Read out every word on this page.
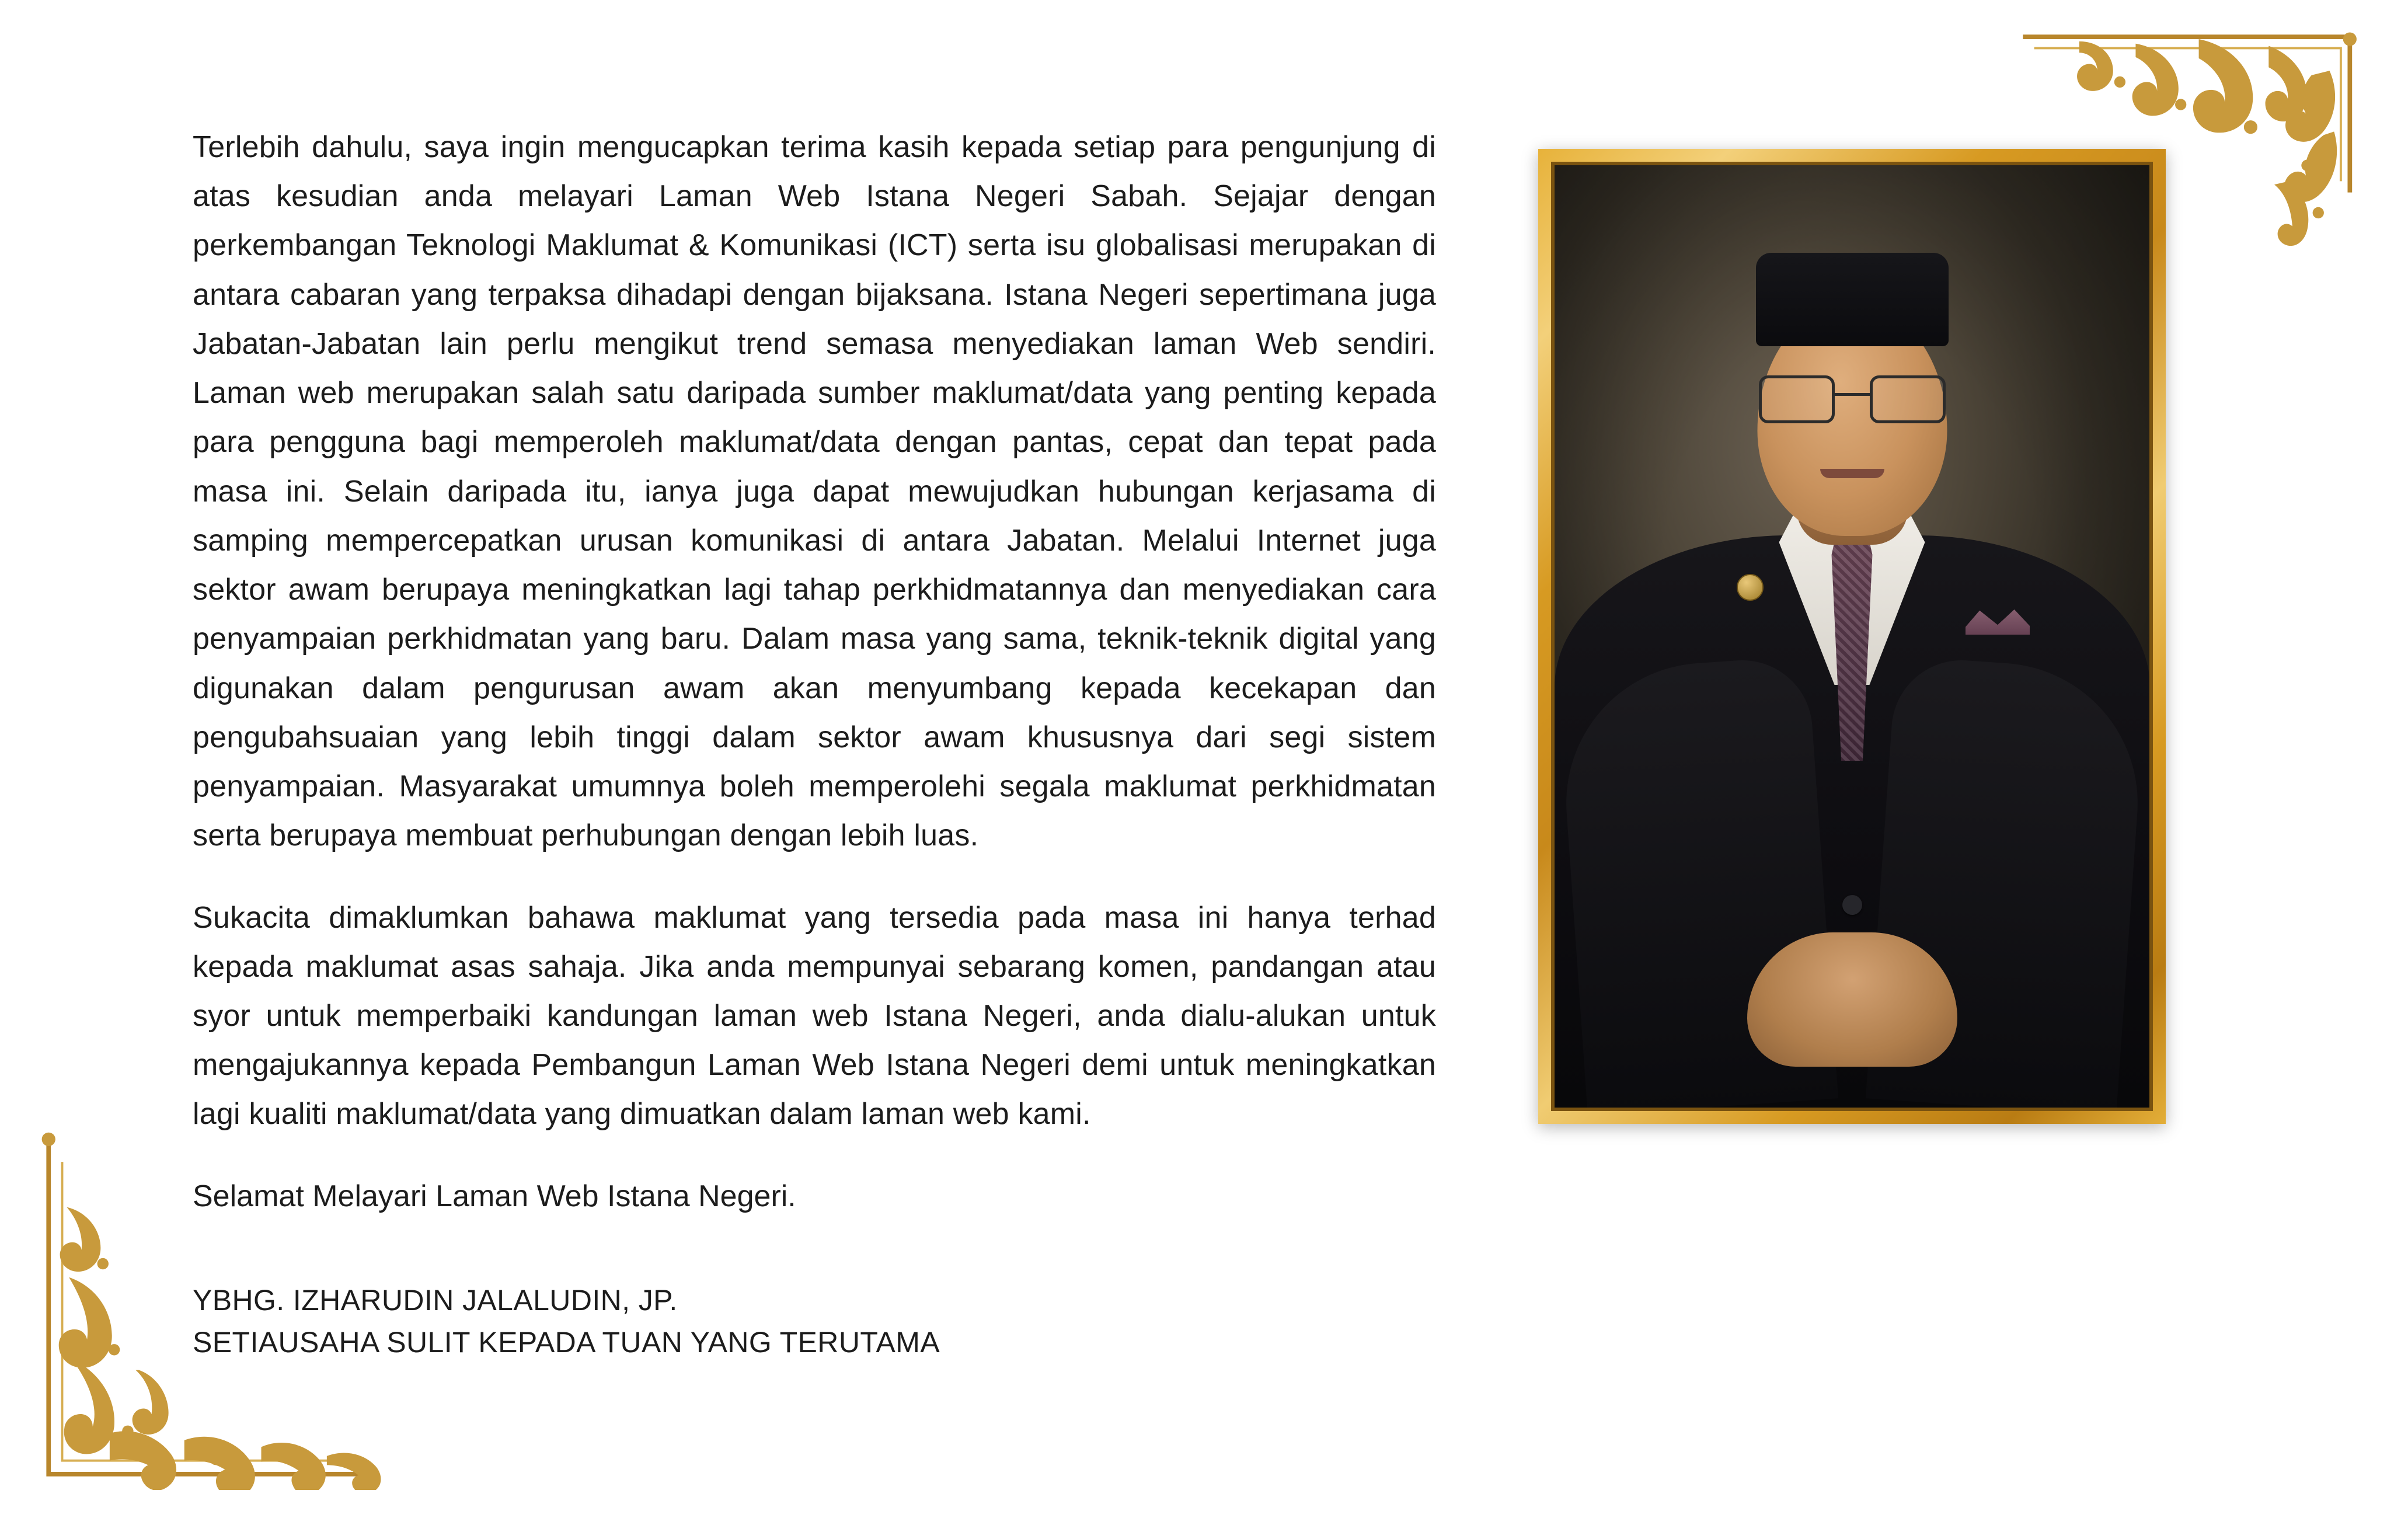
Terlebih dahulu, saya ingin mengucapkan terima kasih kepada setiap para pengunjung di atas kesudian anda melayari Laman Web Istana Negeri Sabah. Sejajar dengan perkembangan Teknologi Maklumat & Komunikasi (ICT) serta isu globalisasi merupakan di antara cabaran yang terpaksa dihadapi dengan bijaksana. Istana Negeri sepertimana juga Jabatan-Jabatan lain perlu mengikut trend semasa menyediakan laman Web sendiri. Laman web merupakan salah satu daripada sumber maklumat/data yang penting kepada para pengguna bagi memperoleh maklumat/data dengan pantas, cepat dan tepat pada masa ini. Selain daripada itu, ianya juga dapat mewujudkan hubungan kerjasama di samping mempercepatkan urusan komunikasi di antara Jabatan. Melalui Internet juga sektor awam berupaya meningkatkan lagi tahap perkhidmatannya dan menyediakan cara penyampaian perkhidmatan yang baru. Dalam masa yang sama, teknik-teknik digital yang digunakan dalam pengurusan awam akan menyumbang kepada kecekapan dan pengubahsuaian yang lebih tinggi dalam sektor awam khususnya dari segi sistem penyampaian. Masyarakat umumnya boleh memperolehi segala maklumat perkhidmatan serta berupaya membuat perhubungan dengan lebih luas.

Sukacita dimaklumkan bahawa maklumat yang tersedia pada masa ini hanya terhad kepada maklumat asas sahaja. Jika anda mempunyai sebarang komen, pandangan atau syor untuk memperbaiki kandungan laman web Istana Negeri, anda dialu-alukan untuk mengajukannya kepada Pembangun Laman Web Istana Negeri demi untuk meningkatkan lagi kualiti maklumat/data yang dimuatkan dalam laman web kami.

Selamat Melayari Laman Web Istana Negeri.

YBHG. IZHARUDIN JALALUDIN, JP.
SETIAUSAHA SULIT KEPADA TUAN YANG TERUTAMA
